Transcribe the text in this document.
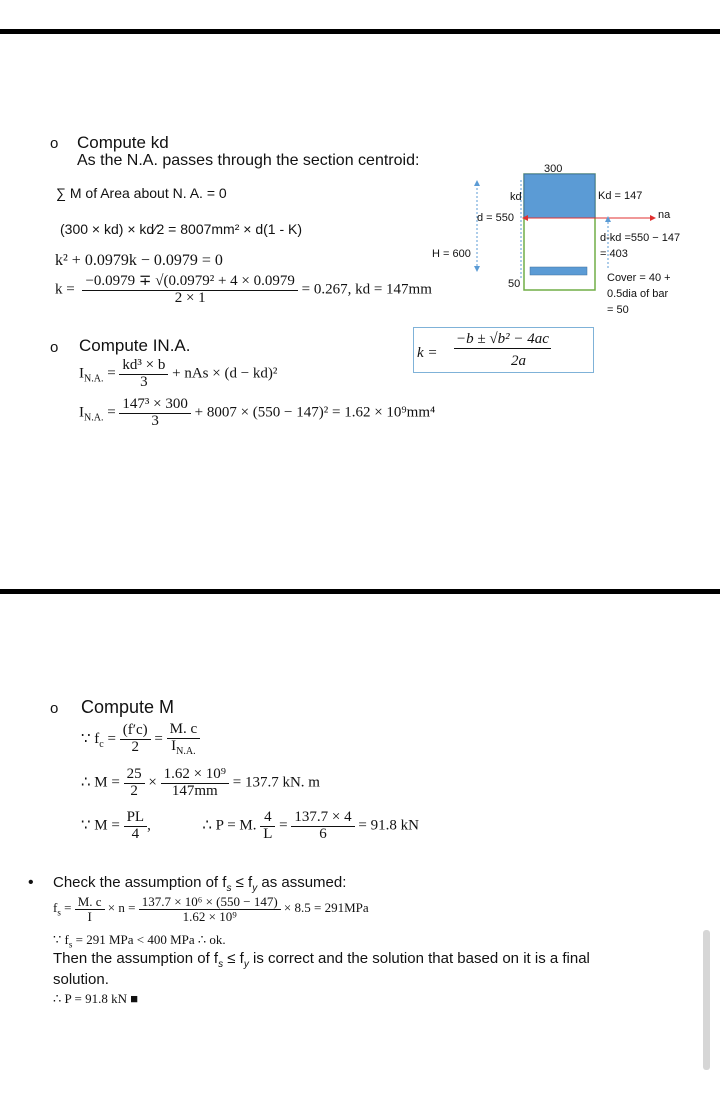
o Compute kd
As the N.A. passes through the section centroid:
∑ M of Area about N. A. = 0
(300 × kd) × kd⁄2 = 8007mm² × d(1 - K)
k² + 0.0979k − 0.0979 = 0
$k = \frac{\text{−0.0979 ∓ √(0.0979² + 4 × 0.0979}}{2 \times 1} = 0.267$, kd = 147mm
k =
−b ± √b² − 4ac
2a
o Compute IN.A.
$I_{N.A.} = \frac{\text{kd³ × b}}{3}$ + nAs × (d − kd)²
$I_{N.A.} = \frac{\text{147³ × 300}}{3} + 8007 \times (550 - 147)^2 = 1.62 \times 10^9mm^4$
300
kd
d = 550
H = 600
50
Kd = 147
na
d-kd =550 − 147
= 403
Cover = 40 +
0.5dia of bar
= 50
o Compute M
∵ $f_c = \frac{(f'c)}{2} = \frac{M. c}{I_{N.A.}}$
∴ $M = \frac{25}{2} \times \frac{\text{1.62 × 10⁹}}{147mm} = 137.7$ kN. m
∵ $M = \frac{PL}{4}$ ,	∴ P = M. $\frac{4}{L} = \frac{137.7 \times 4}{6} = 91.8$ kN
• Check the assumption of $f_s \le f_y$ as assumed:
$f_s = \frac{M. c}{I} \times n = \frac{\text{137.7 × 10⁶ × (550 − 147)}}{\text{1.62 × 10⁹}} \times 8.5 = 291MPa$
∵ $f_s = 291$ MPa < 400 MPa ∴ ok.
Then the assumption of $f_s \le f_y$ is correct and the solution that based on it is a final
solution.
∴ P = 91.8 kN ■
